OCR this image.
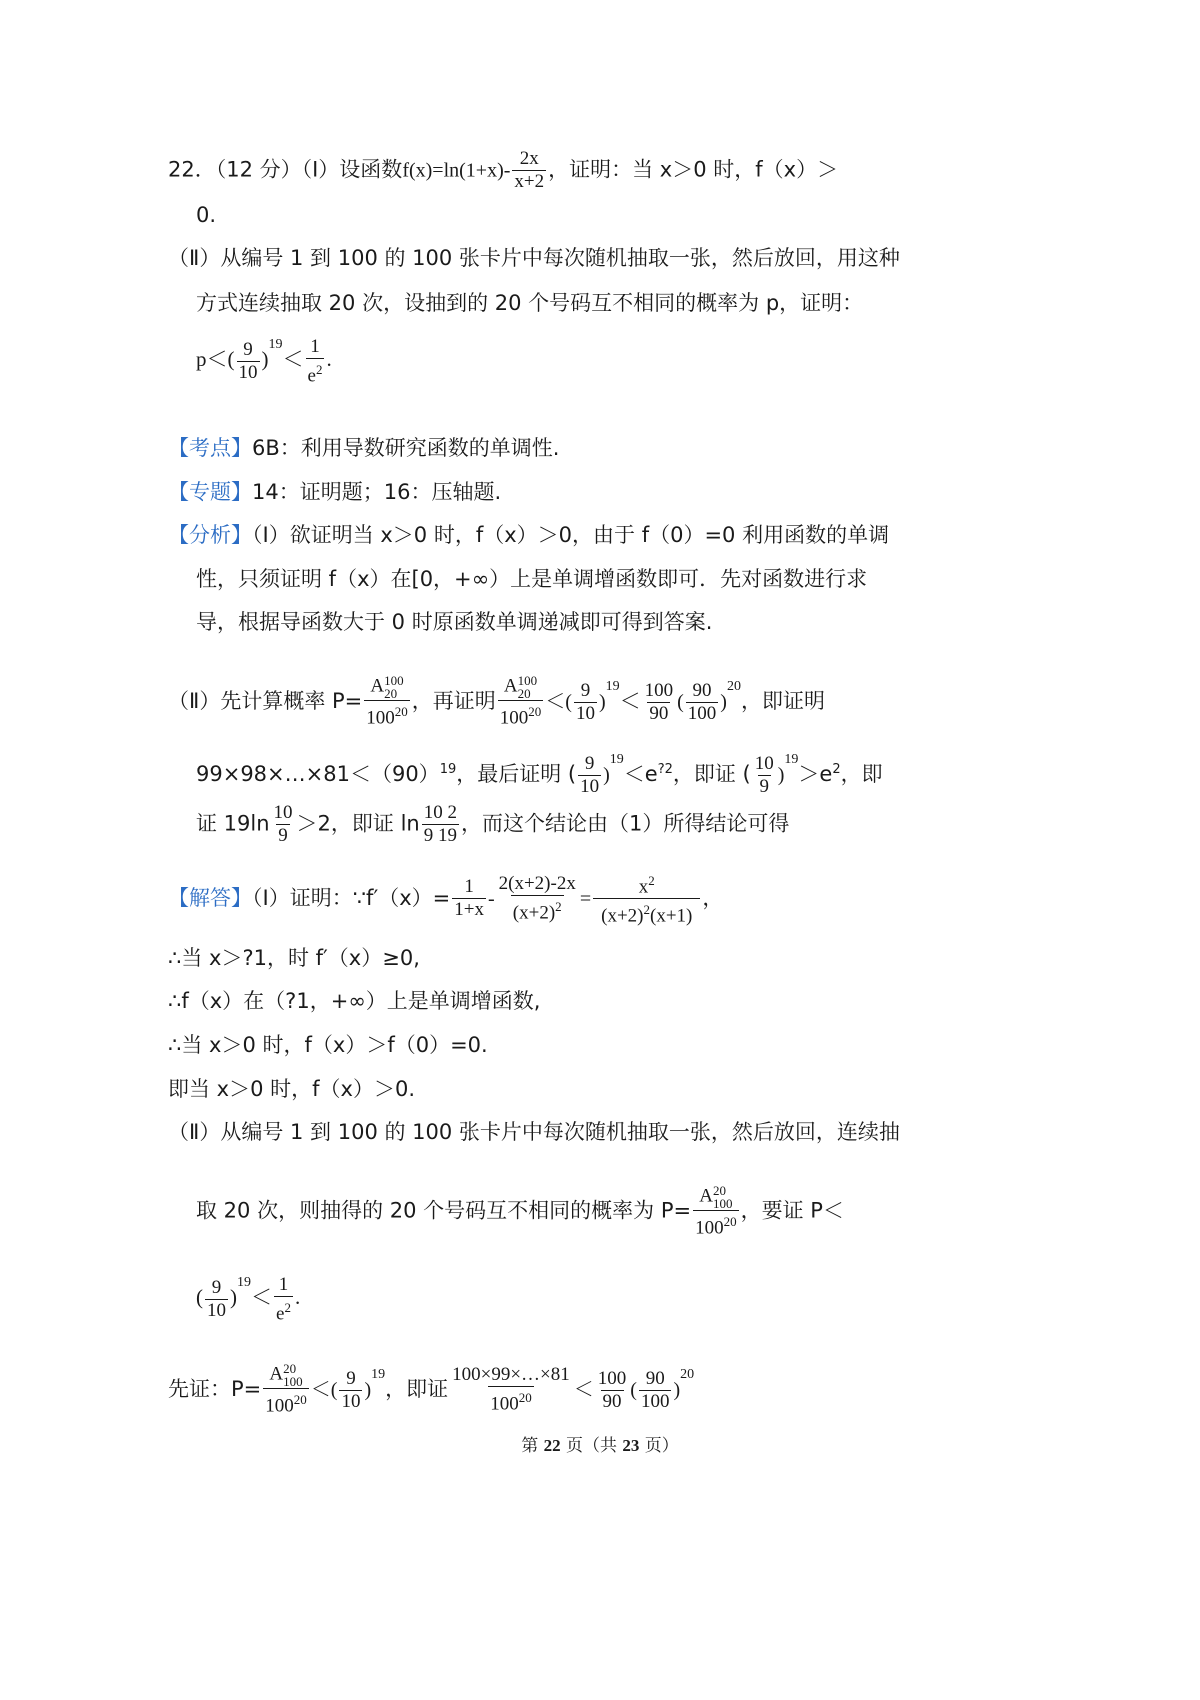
22．（12 分）（Ⅰ）设函数$f(x)=\ln(1+x)- \frac{2x}{x+2}$ ，证明：当 x＞0 时，f（x）＞
0.
（Ⅱ）从编号 1 到 100 的 100 张卡片中每次随机抽取一张，然后放回，用这种
方式连续抽取 20 次，设抽到的 20 个号码互不相同的概率为 p，证明：
$p<( \frac{9}{10} )^{19}< \frac{1}{e^2}$ .
【考点】6B：利用导数研究函数的单调性.
【专题】14：证明题；16：压轴题.
【分析】（Ⅰ）欲证明当 x＞0 时，f（x）＞0，由于 f（0）=0 利用函数的单调
性，只须证明 f（x）在[0，+∞）上是单调增函数即可．先对函数进行求
导，根据导函数大于 0 时原函数单调递减即可得到答案.
（Ⅱ）先计算概率 P= A 100
20
$100^{20}$ ，再证明 A 100
20
$100^{20}$ ＜( $\frac{9}{10} )^{19}< \frac{100}{90}$ ( $\frac{90}{100} )^{20}$，即证明
$99\times 98\times\dots\times 81<(90)^{19}$，最后证明 ( $\frac{9}{10} )^{19}<e^{?2}$，即证 ( $\frac{10}{9} )^{19}>e^2$，即
证 $19\ln \frac{10}{9} >2$，即证 $\ln \frac{10 2}{9 19}$ ，而这个结论由（1）所得结论可得
【解答】（Ⅰ）证明：∵f′（x）= $\frac{1}{1+x} - \frac{2(x+2)-2x}{(x+2)^2} = \frac{x^2}{(x+2)^2(x+1)}$ ，
∴当 x＞?1，时 f′（x）≥0,
∴f（x）在（?1，+∞）上是单调增函数,
∴当 x＞0 时，f（x）＞f（0）=0.
即当 x＞0 时，f（x）＞0.
（Ⅱ）从编号 1 到 100 的 100 张卡片中每次随机抽取一张，然后放回，连续抽
取 20 次，则抽得的 20 个号码互不相同的概率为 P= A 20
100
$100^{20}$ ，要证 P＜
( $\frac{9}{10} )^{19}< \frac{1}{e^2}$ .
先证：P= A 20
100
$100^{20}$ ＜( $\frac{9}{10} )^{19}$，即证 $\frac{100\times 99\times\dots\times 81}{100^{20}} < \frac{100}{90}$ ( $\frac{90}{100} )^{20}$
第 22 页（共 23 页）
